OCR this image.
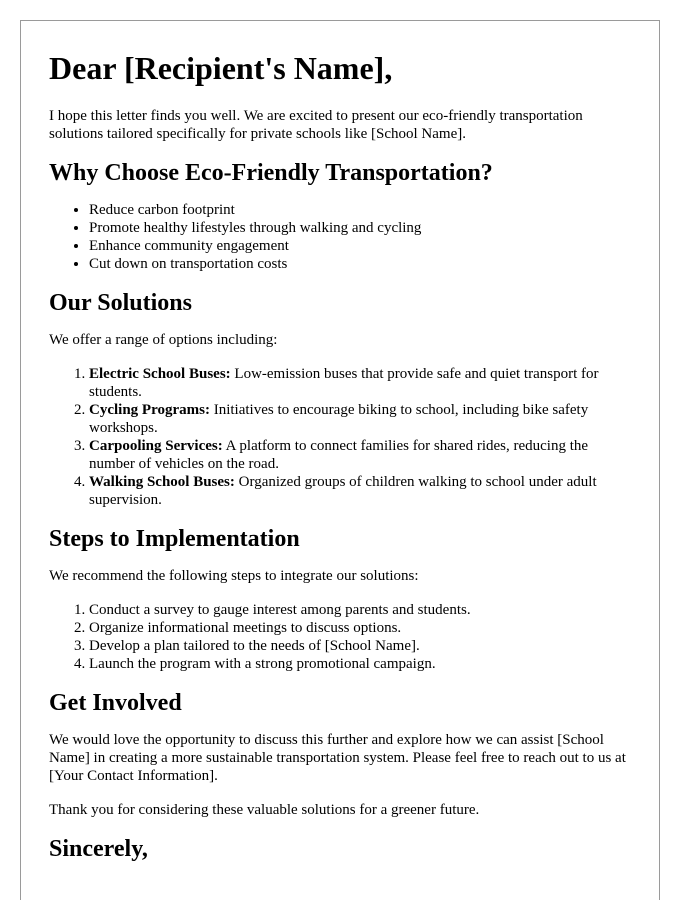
Dear [Recipient's Name],

I hope this letter finds you well. We are excited to present our eco-friendly transportation solutions tailored specifically for private schools like [School Name].

Why Choose Eco-Friendly Transportation?
• Reduce carbon footprint
• Promote healthy lifestyles through walking and cycling
• Enhance community engagement
• Cut down on transportation costs
Our Solutions

We offer a range of options including:

1. Electric School Buses: Low-emission buses that provide safe and quiet transport for students.
2. Cycling Programs: Initiatives to encourage biking to school, including bike safety workshops.
3. Carpooling Services: A platform to connect families for shared rides, reducing the number of vehicles on the road.
4. Walking School Buses: Organized groups of children walking to school under adult supervision.
Steps to Implementation

We recommend the following steps to integrate our solutions:

1. Conduct a survey to gauge interest among parents and students.
2. Organize informational meetings to discuss options.
3. Develop a plan tailored to the needs of [School Name].
4. Launch the program with a strong promotional campaign.
Get Involved

We would love the opportunity to discuss this further and explore how we can assist [School Name] in creating a more sustainable transportation system. Please feel free to reach out to us at [Your Contact Information].

Thank you for considering these valuable solutions for a greener future.

Sincerely,
